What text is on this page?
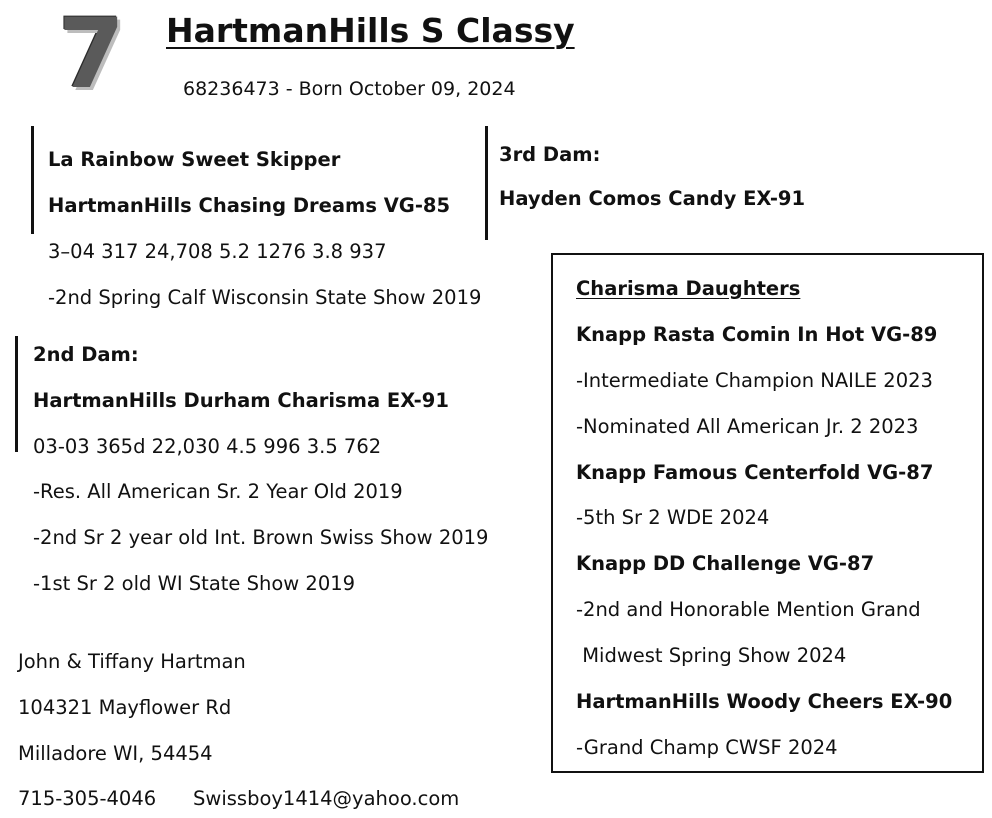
7 HartmanHills S Classy
68236473 - Born October 09, 2024
La Rainbow Sweet Skipper
HartmanHills Chasing Dreams VG-85
3–04 317 24,708 5.2 1276 3.8 937
-2nd Spring Calf Wisconsin State Show 2019
3rd Dam:
Hayden Comos Candy EX-91
2nd Dam:
HartmanHills Durham Charisma EX-91
03-03 365d 22,030 4.5 996 3.5 762
-Res. All American Sr. 2 Year Old 2019
-2nd Sr 2 year old Int. Brown Swiss Show 2019
-1st Sr 2 old WI State Show 2019
John & Tiffany Hartman
104321 Mayflower Rd
Milladore WI, 54454
715-305-4046 Swissboy1414@yahoo.com
Charisma Daughters
Knapp Rasta Comin In Hot VG-89
-Intermediate Champion NAILE 2023
-Nominated All American Jr. 2 2023
Knapp Famous Centerfold VG-87
-5th Sr 2 WDE 2024
Knapp DD Challenge VG-87
-2nd and Honorable Mention Grand
Midwest Spring Show 2024
HartmanHills Woody Cheers EX-90
-Grand Champ CWSF 2024
